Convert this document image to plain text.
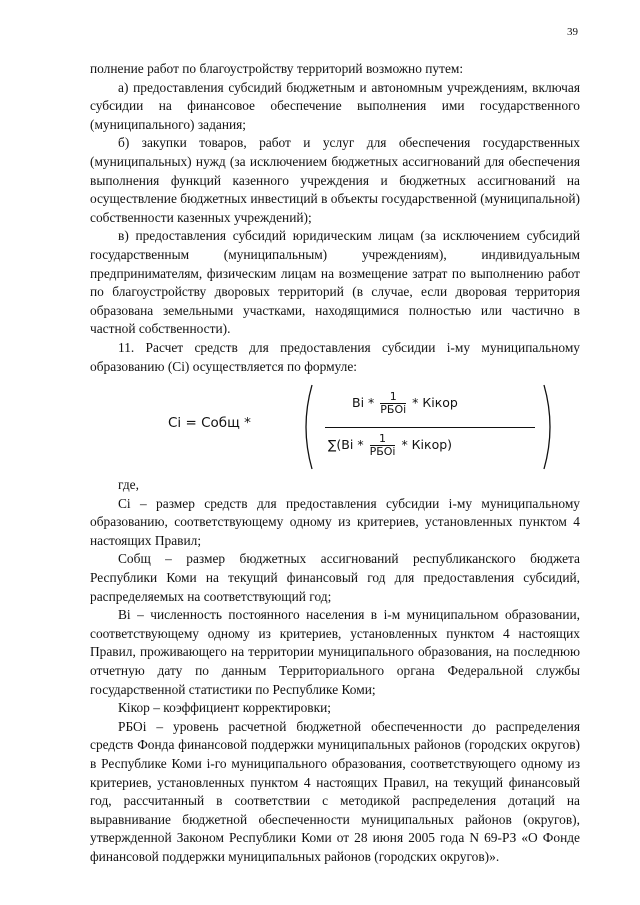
39

полнение работ по благоустройству территорий возможно путем:

а) предоставления субсидий бюджетным и автономным учреждениям, включая субсидии на финансовое обеспечение выполнения ими государственного (муниципального) задания;

б) закупки товаров, работ и услуг для обеспечения государственных (муниципальных) нужд (за исключением бюджетных ассигнований для обеспечения выполнения функций казенного учреждения и бюджетных ассигнований на осуществление бюджетных инвестиций в объекты государственной (муниципальной) собственности казенных учреждений);

в) предоставления субсидий юридическим лицам (за исключением субсидий государственным (муниципальным) учреждениям), индивидуальным предпринимателям, физическим лицам на возмещение затрат по выполнению работ по благоустройству дворовых территорий (в случае, если дворовая территория образована земельными участками, находящимися полностью или частично в частной собственности).

11. Расчет средств для предоставления субсидии i-му муниципальному образованию (Ci) осуществляется по формуле:

Ci = Cобщ *
Bi *	1
РБОi * Кiкор
∑(Bi *	1
РБОi * Кiкор)

где,

Ci – размер средств для предоставления субсидии i-му муниципальному образованию, соответствующему одному из критериев, установленных пунктом 4 настоящих Правил;

Cобщ – размер бюджетных ассигнований республиканского бюджета Республики Коми на текущий финансовый год для предоставления субсидий, распределяемых на соответствующий год;

Bi – численность постоянного населения в i-м муниципальном образовании, соответствующему одному из критериев, установленных пунктом 4 настоящих Правил, проживающего на территории муниципального образования, на последнюю отчетную дату по данным Территориального органа Федеральной службы государственной статистики по Республике Коми;

Кiкор – коэффициент корректировки;

РБОi – уровень расчетной бюджетной обеспеченности до распределения средств Фонда финансовой поддержки муниципальных районов (городских округов) в Республике Коми i-го муниципального образования, соответствующего одному из критериев, установленных пунктом 4 настоящих Правил, на текущий финансовый год, рассчитанный в соответствии с методикой распределения дотаций на выравнивание бюджетной обеспеченности муниципальных районов (округов), утвержденной Законом Республики Коми от 28 июня 2005 года N 69-РЗ «О Фонде финансовой поддержки муниципальных районов (городских округов)».
